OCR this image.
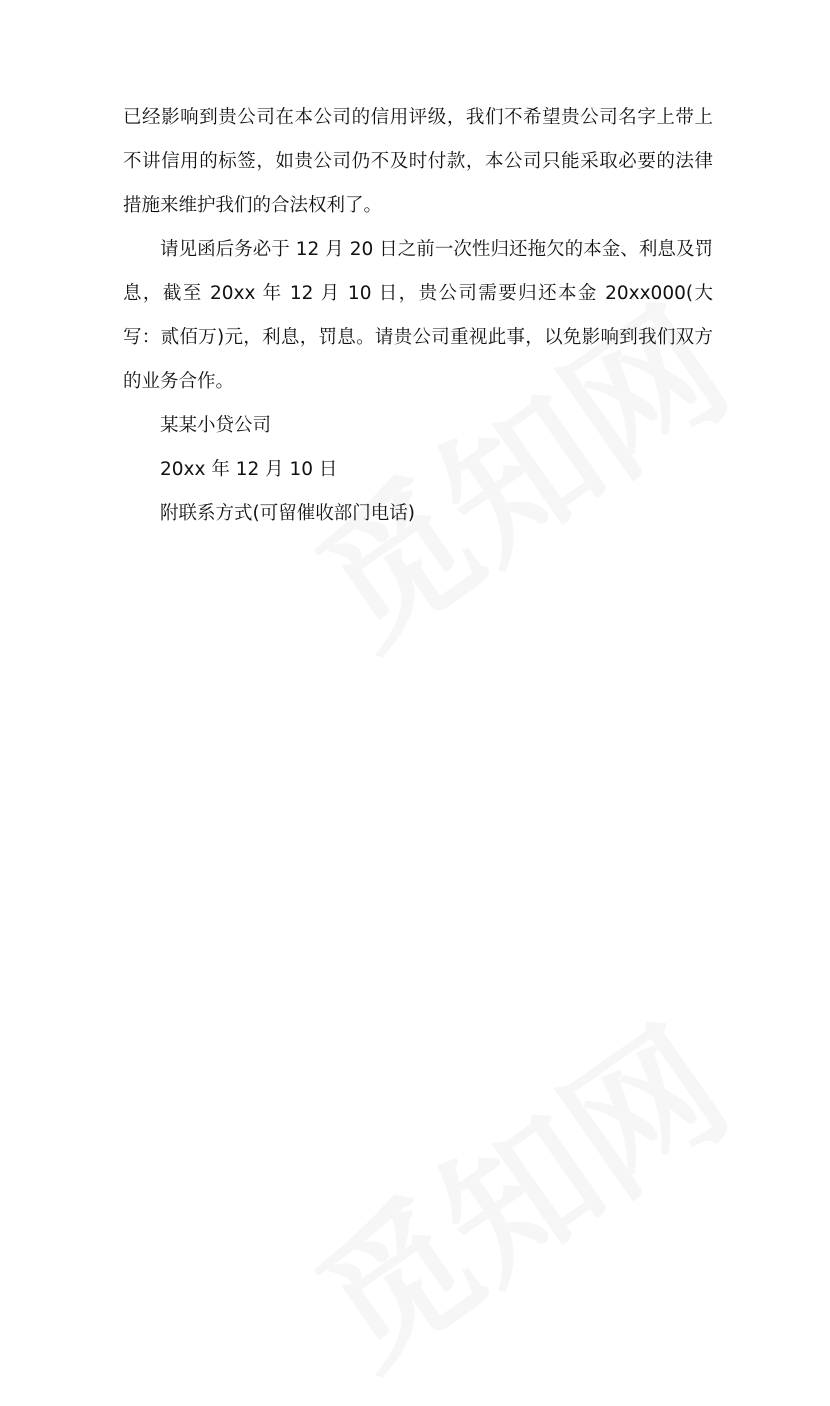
已经影响到贵公司在本公司的信用评级，我们不希望贵公司名字上带上不讲信用的标签，如贵公司仍不及时付款，本公司只能采取必要的法律措施来维护我们的合法权利了。

请见函后务必于 12 月 20 日之前一次性归还拖欠的本金、利息及罚息，截至 20xx 年 12 月 10 日，贵公司需要归还本金 20xx000(大写：贰佰万)元，利息，罚息。请贵公司重视此事，以免影响到我们双方的业务合作。

某某小贷公司

20xx 年 12 月 10 日

附联系方式(可留催收部门电话)
